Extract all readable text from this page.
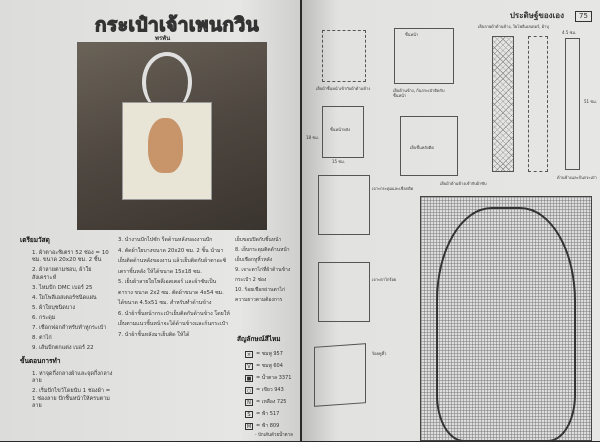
กระเป๋าเจ้าเพนกวิน
พรพัน

เตรียมวัสดุ

1. ผ้าตาอะซิเตรา 52 ช่อง = 10 ซม. ขนาด 20x20 ซม. 2 ชิ้น

2. ผ้าลายตามชอบ, ผ้าใยสังเคราะห์

3. ไหมปัก DMC เบอร์ 25

4. ใยโพลีเอสเตอร์ชนิดแผ่น

5. ผ้าใยบุชนิดบาง

6. กระดุม

7. เชือกฟอกสำหรับทำหูกระเป๋า

8. ตาไก่

9. เส้นปักตกแต่ง เบอร์ 22

ขั้นตอนการทำ

1. หาจุดกึ่งกลางผ้าและจุดกึ่งกลางลาย

2. เริ่มปักไขว้โดยนับ 1 ช่องผ้า = 1 ช่องลาย ปักชิ้นหน้าให้ครบตามลาย

3. นำงานปักไปซัก รีดด้านหลังของงานปัก

4. ตัดผ้าใยบางขนาด 20x20 ซม. 2 ชิ้น นำมาเย็บติดด้านหลังของงาน แล้วเย็บติดกับผ้าตาอะซิเตราชิ้นหลัง ให้ได้ขนาด 15x18 ซม.

5. เย็บผ้าลายใยโพลีเอสเตอร์ และผ้าซับเป็นตาราง ขนาด 2x2 ซม. ตัดผ้าขนาด 4x54 ซม. ได้ขนาด 4.5x51 ซม. สำหรับทำด้านข้าง

6. นำผ้าชิ้นหน้ากระเป๋าเย็บติดกับด้านข้าง โดยให้เย็บตามแนวชิ้นหน้าจะได้ด้านข้างและก้นกระเป๋า

7. นำผ้าชิ้นหลังมาเย็บติด ให้ได้

เย็บขอบปิดกับชิ้นหน้า

8. เย็บกระดุมติดด้านหน้าเย็บเชือกหูหิ้วหลัง

9. เจาะตาไก่ที่ผ้าด้านข้างกระเป๋า 2 ช่อง

10. ร้อยเชือกผ่านตาไก่ความยาวตามต้องการ

สัญลักษณ์สีไหม
× = ชมพู 957
V	= ชมพู 604
■ = น้ำตาล 3371
○ = เขียว 943
N	= เหลือง 725
S	= ฟ้า 517
M = ฟ้า 809
- ปักเส้นด้วยน้ำตาล
ประดิษฐ์ของเอง	75
เย็บผ้าชิ้นหน้าเข้ากับผ้าด้านข้าง
ชิ้นหน้า
เย็บด้านข้าง, ก้นกระเป๋าติดกับชิ้นหน้า
ชิ้นหน้าหลัง
18 ซม.
15 ซม.
เย็บชิ้นหลังติด
เย็บลายผ้าด้านข้าง, ใยโพลีเอสเตอร์, ผ้าบุ
4.5 ซม.
51 ซม.
ด้านข้างและก้นกระเป๋า
เย็บผ้าด้านข้างเข้ากับผ้าซับ
เจาะกระดุมและเชือกติด
เจาะตาไก่ร้อย
ร้อยหูหิ้ว
